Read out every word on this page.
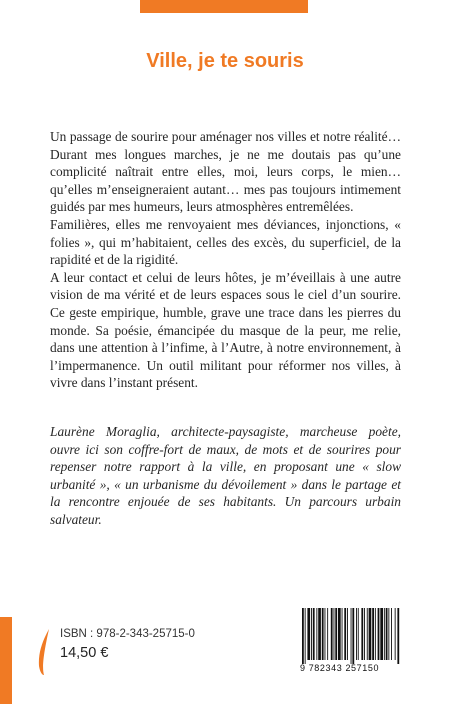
Ville, je te souris

Un passage de sourire pour aménager nos villes et notre réalité… Durant mes longues marches, je ne me doutais pas qu’une complicité naîtrait entre elles, moi, leurs corps, le mien… qu’elles m’enseigneraient autant… mes pas toujours intimement guidés par mes humeurs, leurs atmosphères entremêlées.

Familières, elles me renvoyaient mes déviances, injonctions, « folies », qui m’habitaient, celles des excès, du superficiel, de la rapidité et de la rigidité.

A leur contact et celui de leurs hôtes, je m’éveillais à une autre vision de ma vérité et de leurs espaces sous le ciel d’un sourire. Ce geste empirique, humble, grave une trace dans les pierres du monde. Sa poésie, émancipée du masque de la peur, me relie, dans une attention à l’infime, à l’Autre, à notre environnement, à l’impermanence. Un outil militant pour réformer nos villes, à vivre dans l’instant présent.

Laurène Moraglia, architecte-paysagiste, marcheuse poète, ouvre ici son coffre-fort de maux, de mots et de sourires pour repenser notre rapport à la ville, en proposant une « slow urbanité », « un urbanisme du dévoilement » dans le partage et la rencontre enjouée de ses habitants. Un parcours urbain salvateur.

ISBN : 978-2-343-25715-0
14,50 €
9 782343 257150
